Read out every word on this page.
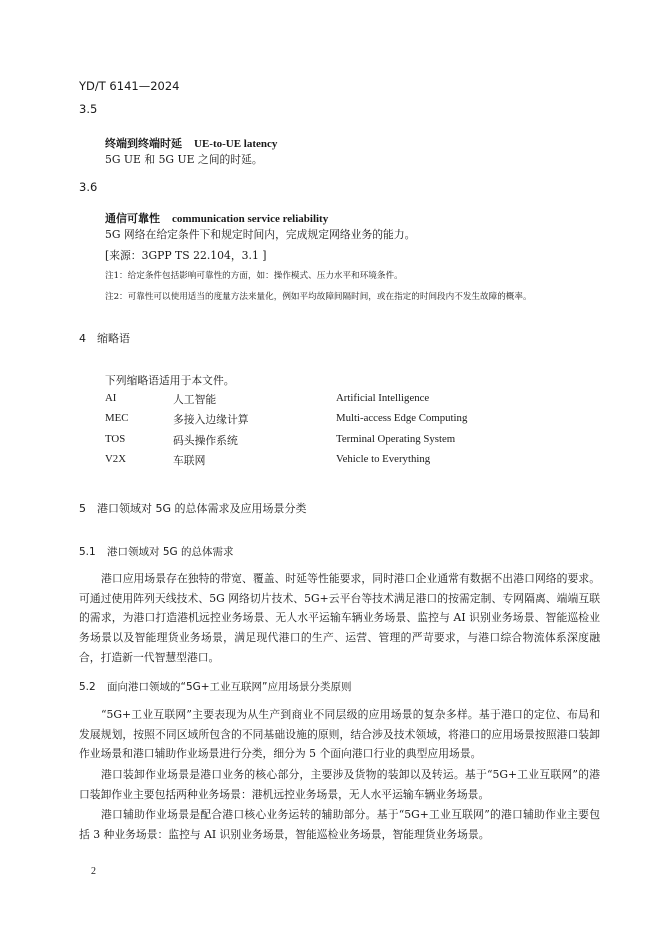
YD/T 6141—2024
3.5
终端到终端时延 UE-to-UE latency
5G UE 和 5G UE 之间的时延。
3.6
通信可靠性 communication service reliability
5G 网络在给定条件下和规定时间内，完成规定网络业务的能力。
[来源：3GPP TS 22.104，3.1 ]
注1：给定条件包括影响可靠性的方面，如：操作模式、压力水平和环境条件。
注2：可靠性可以使用适当的度量方法来量化，例如平均故障间隔时间，或在指定的时间段内不发生故障的概率。
4 缩略语
下列缩略语适用于本文件。
AI	人工智能	Artificial Intelligence
MEC	多接入边缘计算	Multi-access Edge Computing
TOS	码头操作系统	Terminal Operating System
V2X	车联网	Vehicle to Everything
5 港口领域对 5G 的总体需求及应用场景分类
5.1 港口领域对 5G 的总体需求
港口应用场景存在独特的带宽、覆盖、时延等性能要求，同时港口企业通常有数据不出港口网络的要求。可通过使用阵列天线技术、5G 网络切片技术、5G+云平台等技术满足港口的按需定制、专网隔离、端端互联的需求，为港口打造港机远控业务场景、无人水平运输车辆业务场景、监控与 AI 识别业务场景、智能巡检业务场景以及智能理货业务场景，满足现代港口的生产、运营、管理的严苛要求，与港口综合物流体系深度融合，打造新一代智慧型港口。
5.2 面向港口领域的“5G+工业互联网”应用场景分类原则
“5G+工业互联网”主要表现为从生产到商业不同层级的应用场景的复杂多样。基于港口的定位、布局和发展规划，按照不同区域所包含的不同基础设施的原则，结合涉及技术领域，将港口的应用场景按照港口装卸作业场景和港口辅助作业场景进行分类，细分为 5 个面向港口行业的典型应用场景。
港口装卸作业场景是港口业务的核心部分，主要涉及货物的装卸以及转运。基于“5G+工业互联网”的港口装卸作业主要包括两种业务场景：港机远控业务场景，无人水平运输车辆业务场景。
港口辅助作业场景是配合港口核心业务运转的辅助部分。基于“5G+工业互联网”的港口辅助作业主要包括 3 种业务场景：监控与 AI 识别业务场景，智能巡检业务场景，智能理货业务场景。
2
